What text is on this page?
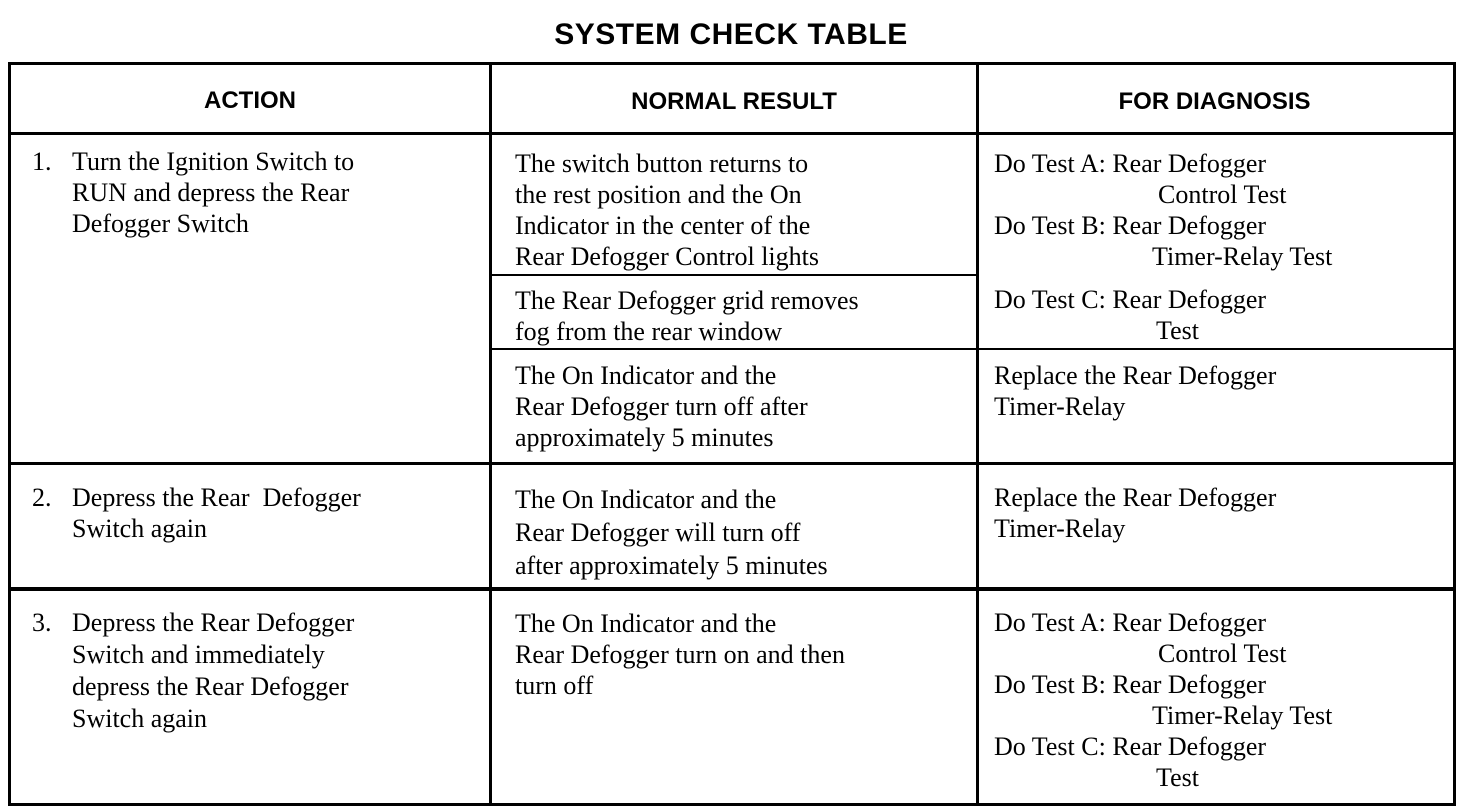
SYSTEM CHECK TABLE
ACTION	NORMAL RESULT	FOR DIAGNOSIS
1. Turn the Ignition Switch to
RUN and depress the Rear
Defogger Switch
The switch button returns to
the rest position and the On
Indicator in the center of the
Rear Defogger Control lights
Do Test A: Rear Defogger
Control Test
Do Test B: Rear Defogger
Timer-Relay Test
The Rear Defogger grid removes
fog from the rear window
Do Test C: Rear Defogger
Test
The On Indicator and the
Rear Defogger turn off after
approximately 5 minutes
Replace the Rear Defogger
Timer-Relay
2. Depress the Rear  Defogger
Switch again
The On Indicator and the
Rear Defogger will turn off
after approximately 5 minutes
Replace the Rear Defogger
Timer-Relay
3. Depress the Rear Defogger
Switch and immediately
depress the Rear Defogger
Switch again
The On Indicator and the
Rear Defogger turn on and then
turn off
Do Test A: Rear Defogger
Control Test
Do Test B: Rear Defogger
Timer-Relay Test
Do Test C: Rear Defogger
Test
